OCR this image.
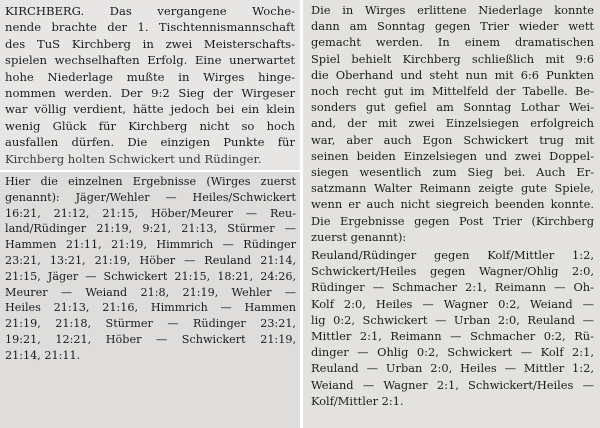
KIRCHBERG. Das vergangene Woche-
nende brachte der 1. Tischtennismannschaft
des TuS Kirchberg in zwei Meisterschafts-
spielen wechselhaften Erfolg. Eine unerwartet
hohe Niederlage mußte in Wirges hinge-
nommen werden. Der 9:2 Sieg der Wirgeser
war völlig verdient, hätte jedoch bei ein klein
wenig Glück für Kirchberg nicht so hoch
ausfallen dürfen. Die einzigen Punkte für
Kirchberg holten Schwickert und Rüdinger.
Hier die einzelnen Ergebnisse (Wirges zuerst
genannt): Jäger/Wehler — Heiles/Schwickert
16:21, 21:12, 21:15, Höber/Meurer — Reu-
land/Rüdinger 21:19, 9:21, 21:13, Stürmer —
Hammen 21:11, 21:19, Himmrich — Rüdinger
23:21, 13:21, 21:19, Höber — Reuland 21:14,
21:15, Jäger — Schwickert 21:15, 18:21, 24:26,
Meurer — Weiand 21:8, 21:19, Wehler —
Heiles 21:13, 21:16, Himmrich — Hammen
21:19, 21:18, Stürmer — Rüdinger 23:21,
19:21, 12:21, Höber — Schwickert 21:19,
21:14, 21:11.
Die in Wirges erlittene Niederlage konnte
dann am Sonntag gegen Trier wieder wett
gemacht werden. In einem dramatischen
Spiel behielt Kirchberg schließlich mit 9:6
die Oberhand und steht nun mit 6:6 Punkten
noch recht gut im Mittelfeld der Tabelle. Be-
sonders gut gefiel am Sonntag Lothar Wei-
and, der mit zwei Einzelsiegen erfolgreich
war, aber auch Egon Schwickert trug mit
seinen beiden Einzelsiegen und zwei Doppel-
siegen wesentlich zum Sieg bei. Auch Er-
satzmann Walter Reimann zeigte gute Spiele,
wenn er auch nicht siegreich beenden konnte.
Die Ergebnisse gegen Post Trier (Kirchberg
zuerst genannt):
Reuland/Rüdinger gegen Kolf/Mittler 1:2,
Schwickert/Heiles gegen Wagner/Ohlig 2:0,
Rüdinger — Schmacher 2:1, Reimann — Oh-
Kolf 2:0, Heiles — Wagner 0:2, Weiand —
lig 0:2, Schwickert — Urban 2:0, Reuland —
Mittler 2:1, Reimann — Schmacher 0:2, Rü-
dinger — Ohlig 0:2, Schwickert — Kolf 2:1,
Reuland — Urban 2:0, Heiles — Mittler 1:2,
Weiand — Wagner 2:1, Schwickert/Heiles —
Kolf/Mittler 2:1.
